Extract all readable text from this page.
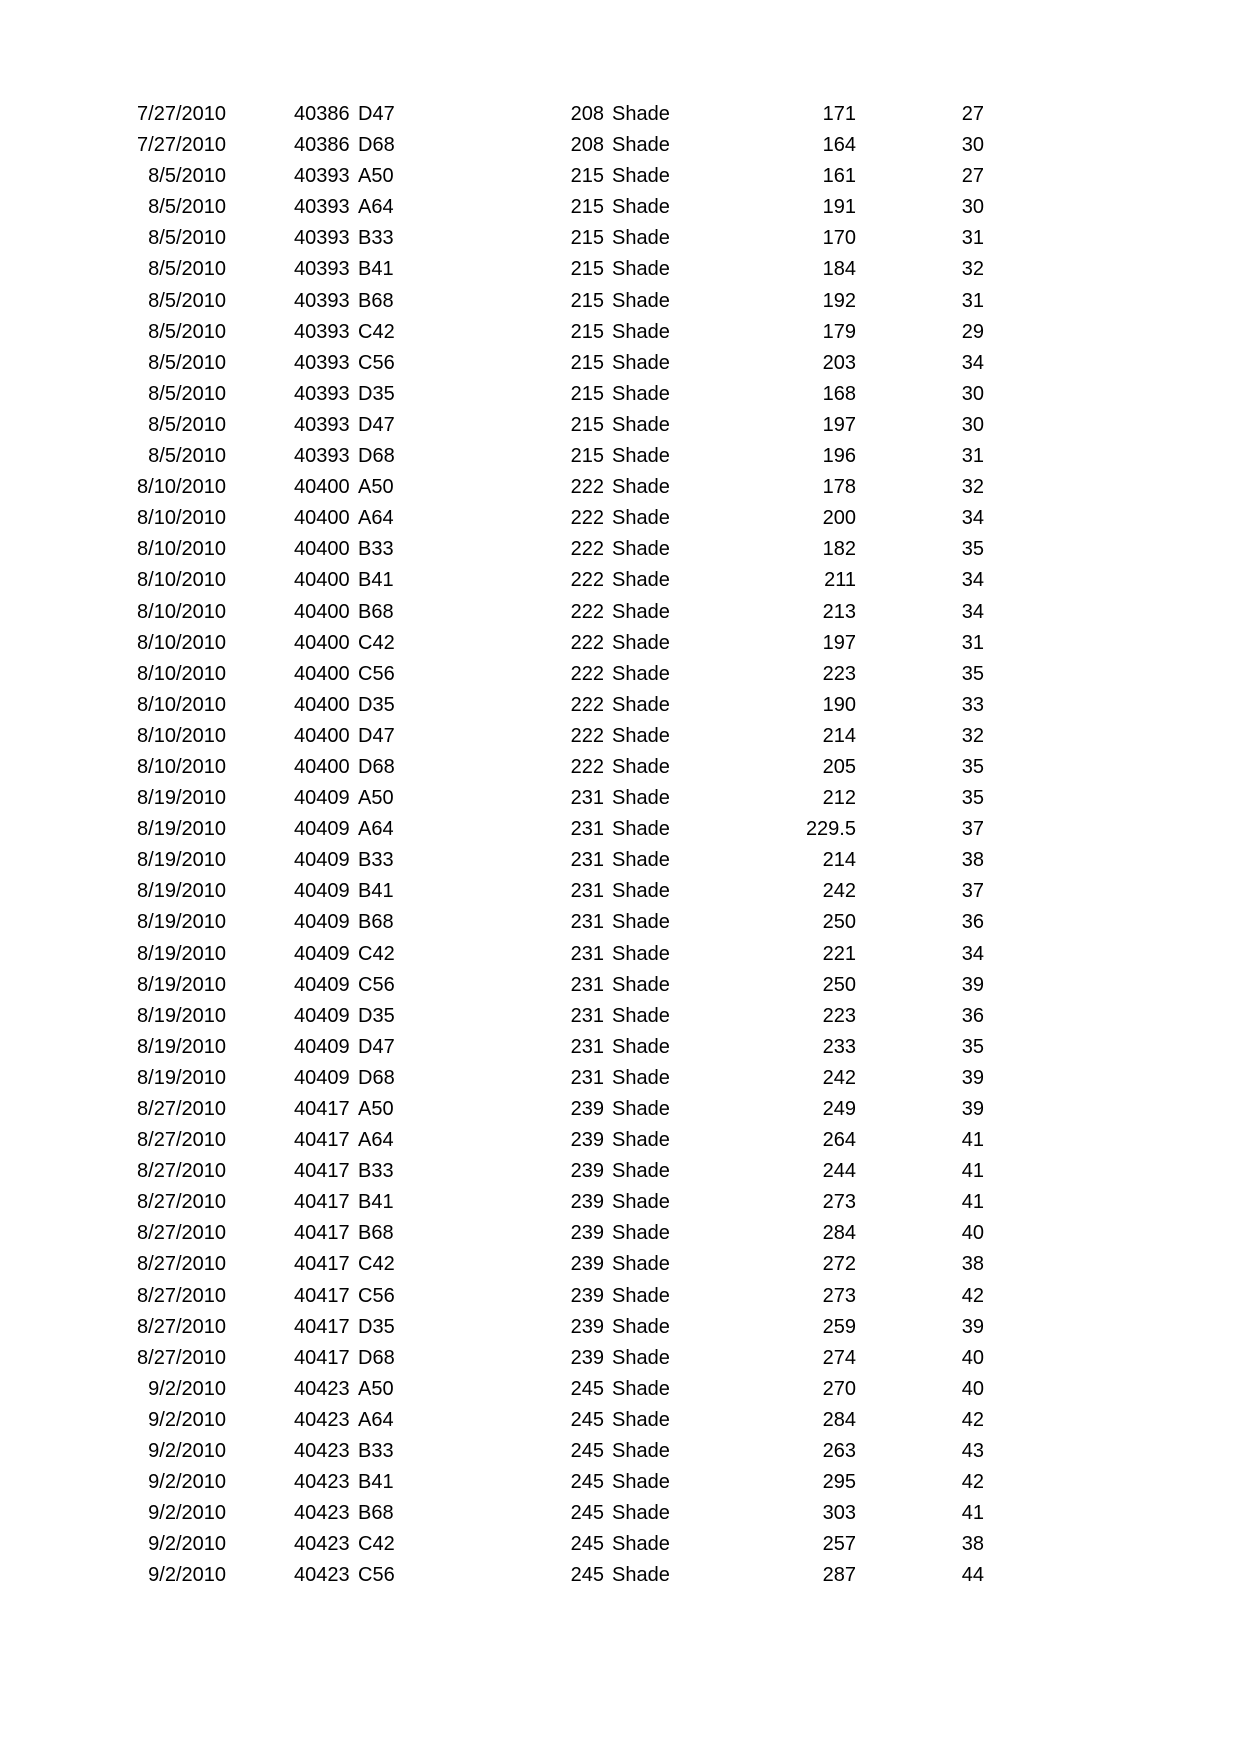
7/27/2010	40386 D47	208 Shade	171	27
7/27/2010	40386 D68	208 Shade	164	30
8/5/2010	40393 A50	215 Shade	161	27
8/5/2010	40393 A64	215 Shade	191	30
8/5/2010	40393 B33	215 Shade	170	31
8/5/2010	40393 B41	215 Shade	184	32
8/5/2010	40393 B68	215 Shade	192	31
8/5/2010	40393 C42	215 Shade	179	29
8/5/2010	40393 C56	215 Shade	203	34
8/5/2010	40393 D35	215 Shade	168	30
8/5/2010	40393 D47	215 Shade	197	30
8/5/2010	40393 D68	215 Shade	196	31
8/10/2010	40400 A50	222 Shade	178	32
8/10/2010	40400 A64	222 Shade	200	34
8/10/2010	40400 B33	222 Shade	182	35
8/10/2010	40400 B41	222 Shade	211	34
8/10/2010	40400 B68	222 Shade	213	34
8/10/2010	40400 C42	222 Shade	197	31
8/10/2010	40400 C56	222 Shade	223	35
8/10/2010	40400 D35	222 Shade	190	33
8/10/2010	40400 D47	222 Shade	214	32
8/10/2010	40400 D68	222 Shade	205	35
8/19/2010	40409 A50	231 Shade	212	35
8/19/2010	40409 A64	231 Shade	229.5	37
8/19/2010	40409 B33	231 Shade	214	38
8/19/2010	40409 B41	231 Shade	242	37
8/19/2010	40409 B68	231 Shade	250	36
8/19/2010	40409 C42	231 Shade	221	34
8/19/2010	40409 C56	231 Shade	250	39
8/19/2010	40409 D35	231 Shade	223	36
8/19/2010	40409 D47	231 Shade	233	35
8/19/2010	40409 D68	231 Shade	242	39
8/27/2010	40417 A50	239 Shade	249	39
8/27/2010	40417 A64	239 Shade	264	41
8/27/2010	40417 B33	239 Shade	244	41
8/27/2010	40417 B41	239 Shade	273	41
8/27/2010	40417 B68	239 Shade	284	40
8/27/2010	40417 C42	239 Shade	272	38
8/27/2010	40417 C56	239 Shade	273	42
8/27/2010	40417 D35	239 Shade	259	39
8/27/2010	40417 D68	239 Shade	274	40
9/2/2010	40423 A50	245 Shade	270	40
9/2/2010	40423 A64	245 Shade	284	42
9/2/2010	40423 B33	245 Shade	263	43
9/2/2010	40423 B41	245 Shade	295	42
9/2/2010	40423 B68	245 Shade	303	41
9/2/2010	40423 C42	245 Shade	257	38
9/2/2010	40423 C56	245 Shade	287	44
